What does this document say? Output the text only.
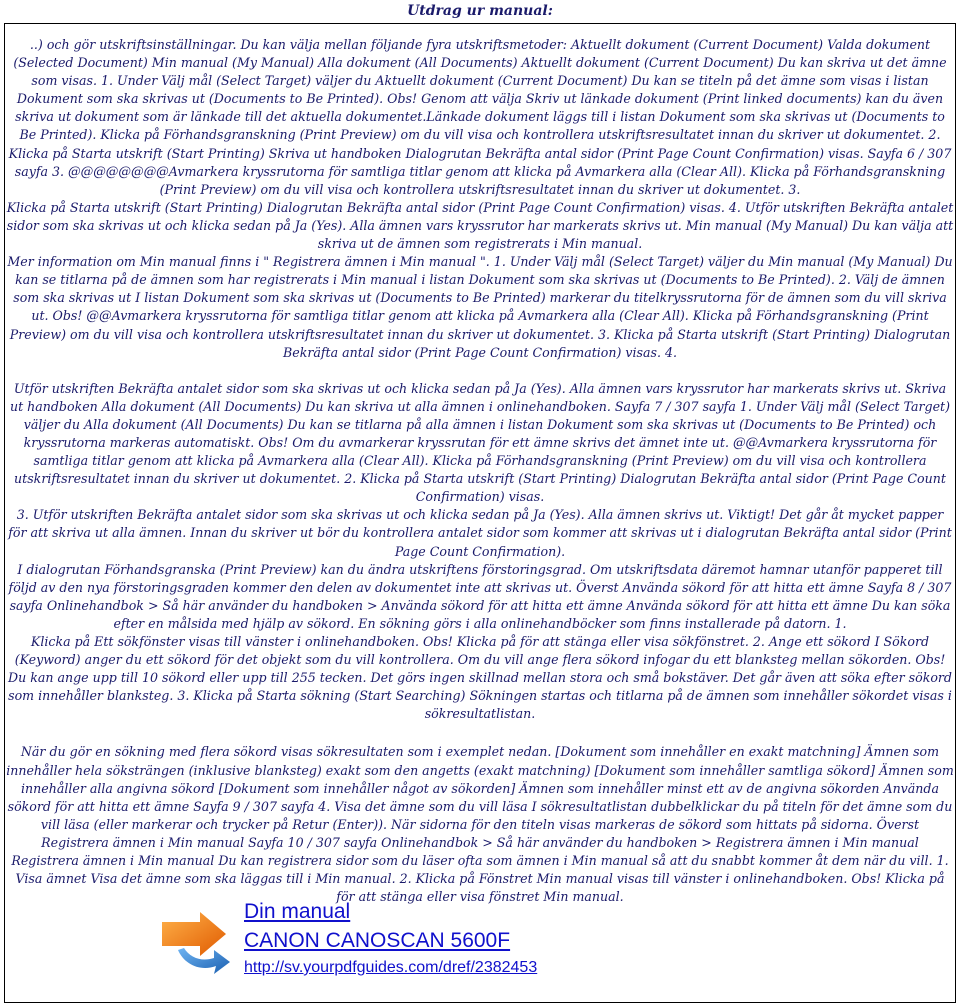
Utdrag ur manual:

..) och gör utskriftsinställningar. Du kan välja mellan följande fyra utskriftsmetoder: Aktuellt dokument (Current Document) Valda dokument (Selected Document) Min manual (My Manual) Alla dokument (All Documents) Aktuellt dokument (Current Document) Du kan skriva ut det ämne som visas. 1. Under Välj mål (Select Target) väljer du Aktuellt dokument (Current Document) Du kan se titeln på det ämne som visas i listan Dokument som ska skrivas ut (Documents to Be Printed). Obs! Genom att välja Skriv ut länkade dokument (Print linked documents) kan du även skriva ut dokument som är länkade till det aktuella dokumentet.Länkade dokument läggs till i listan Dokument som ska skrivas ut (Documents to Be Printed). Klicka på Förhandsgranskning (Print Preview) om du vill visa och kontrollera utskriftsresultatet innan du skriver ut dokumentet. 2.

Klicka på Starta utskrift (Start Printing) Skriva ut handboken Dialogrutan Bekräfta antal sidor (Print Page Count Confirmation) visas. Sayfa 6 / 307 sayfa 3. @@@@@@@@Avmarkera kryssrutorna för samtliga titlar genom att klicka på Avmarkera alla (Clear All). Klicka på Förhandsgranskning (Print Preview) om du vill visa och kontrollera utskriftsresultatet innan du skriver ut dokumentet. 3.

Klicka på Starta utskrift (Start Printing) Dialogrutan Bekräfta antal sidor (Print Page Count Confirmation) visas. 4. Utför utskriften Bekräfta antalet sidor som ska skrivas ut och klicka sedan på Ja (Yes). Alla ämnen vars kryssrutor har markerats skrivs ut. Min manual (My Manual) Du kan välja att skriva ut de ämnen som registrerats i Min manual.

Mer information om Min manual finns i " Registrera ämnen i Min manual ". 1. Under Välj mål (Select Target) väljer du Min manual (My Manual) Du kan se titlarna på de ämnen som har registrerats i Min manual i listan Dokument som ska skrivas ut (Documents to Be Printed). 2. Välj de ämnen som ska skrivas ut I listan Dokument som ska skrivas ut (Documents to Be Printed) markerar du titelkryssrutorna för de ämnen som du vill skriva ut. Obs! @@Avmarkera kryssrutorna för samtliga titlar genom att klicka på Avmarkera alla (Clear All). Klicka på Förhandsgranskning (Print Preview) om du vill visa och kontrollera utskriftsresultatet innan du skriver ut dokumentet. 3. Klicka på Starta utskrift (Start Printing) Dialogrutan Bekräfta antal sidor (Print Page Count Confirmation) visas. 4.

Utför utskriften Bekräfta antalet sidor som ska skrivas ut och klicka sedan på Ja (Yes). Alla ämnen vars kryssrutor har markerats skrivs ut. Skriva ut handboken Alla dokument (All Documents) Du kan skriva ut alla ämnen i onlinehandboken. Sayfa 7 / 307 sayfa 1. Under Välj mål (Select Target) väljer du Alla dokument (All Documents) Du kan se titlarna på alla ämnen i listan Dokument som ska skrivas ut (Documents to Be Printed) och kryssrutorna markeras automatiskt. Obs! Om du avmarkerar kryssrutan för ett ämne skrivs det ämnet inte ut. @@Avmarkera kryssrutorna för samtliga titlar genom att klicka på Avmarkera alla (Clear All). Klicka på Förhandsgranskning (Print Preview) om du vill visa och kontrollera utskriftsresultatet innan du skriver ut dokumentet. 2. Klicka på Starta utskrift (Start Printing) Dialogrutan Bekräfta antal sidor (Print Page Count Confirmation) visas.

3. Utför utskriften Bekräfta antalet sidor som ska skrivas ut och klicka sedan på Ja (Yes). Alla ämnen skrivs ut. Viktigt! Det går åt mycket papper för att skriva ut alla ämnen. Innan du skriver ut bör du kontrollera antalet sidor som kommer att skrivas ut i dialogrutan Bekräfta antal sidor (Print Page Count Confirmation).

I dialogrutan Förhandsgranska (Print Preview) kan du ändra utskriftens förstoringsgrad. Om utskriftsdata däremot hamnar utanför papperet till följd av den nya förstoringsgraden kommer den delen av dokumentet inte att skrivas ut. Överst Använda sökord för att hitta ett ämne Sayfa 8 / 307 sayfa Onlinehandbok > Så här använder du handboken > Använda sökord för att hitta ett ämne Använda sökord för att hitta ett ämne Du kan söka efter en målsida med hjälp av sökord. En sökning görs i alla onlinehandböcker som finns installerade på datorn. 1.

Klicka på Ett sökfönster visas till vänster i onlinehandboken. Obs! Klicka på för att stänga eller visa sökfönstret. 2. Ange ett sökord I Sökord (Keyword) anger du ett sökord för det objekt som du vill kontrollera. Om du vill ange flera sökord infogar du ett blanksteg mellan sökorden. Obs! Du kan ange upp till 10 sökord eller upp till 255 tecken. Det görs ingen skillnad mellan stora och små bokstäver. Det går även att söka efter sökord som innehåller blanksteg. 3. Klicka på Starta sökning (Start Searching) Sökningen startas och titlarna på de ämnen som innehåller sökordet visas i sökresultatlistan.

När du gör en sökning med flera sökord visas sökresultaten som i exemplet nedan. [Dokument som innehåller en exakt matchning] Ämnen som innehåller hela söksträngen (inklusive blanksteg) exakt som den angetts (exakt matchning) [Dokument som innehåller samtliga sökord] Ämnen som innehåller alla angivna sökord [Dokument som innehåller något av sökorden] Ämnen som innehåller minst ett av de angivna sökorden Använda sökord för att hitta ett ämne Sayfa 9 / 307 sayfa 4. Visa det ämne som du vill läsa I sökresultatlistan dubbelklickar du på titeln för det ämne som du vill läsa (eller markerar och trycker på Retur (Enter)). När sidorna för den titeln visas markeras de sökord som hittats på sidorna. Överst Registrera ämnen i Min manual Sayfa 10 / 307 sayfa Onlinehandbok > Så här använder du handboken > Registrera ämnen i Min manual Registrera ämnen i Min manual Du kan registrera sidor som du läser ofta som ämnen i Min manual så att du snabbt kommer åt dem när du vill. 1. Visa ämnet Visa det ämne som ska läggas till i Min manual. 2. Klicka på Fönstret Min manual visas till vänster i onlinehandboken. Obs! Klicka på för att stänga eller visa fönstret Min manual.

Din manual
CANON CANOSCAN 5600F
http://sv.yourpdfguides.com/dref/2382453
